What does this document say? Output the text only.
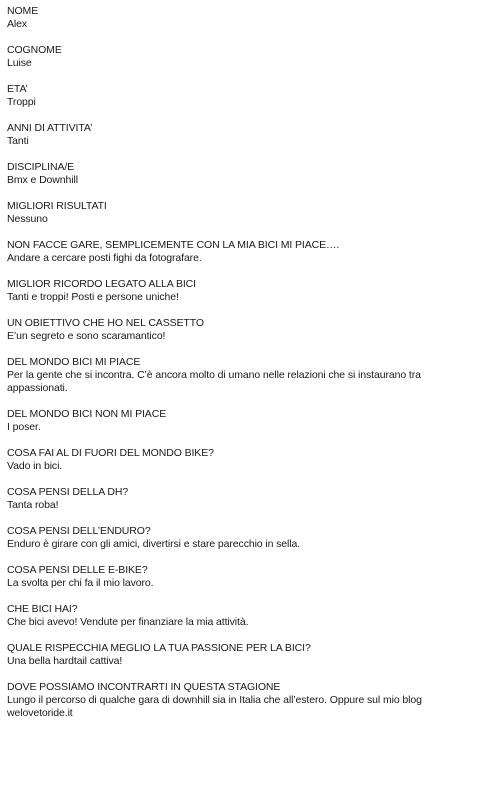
NOME
Alex
COGNOME
Luise
ETA’
Troppi
ANNI DI ATTIVITA’
Tanti
DISCIPLINA/E
Bmx e Downhill
MIGLIORI RISULTATI
Nessuno
NON FACCE GARE, SEMPLICEMENTE CON LA MIA BICI MI PIACE….
Andare a cercare posti fighi da fotografare.
MIGLIOR RICORDO LEGATO ALLA BICI
Tanti e troppi! Posti e persone uniche!
UN OBIETTIVO CHE HO NEL CASSETTO
E’un segreto e sono scaramantico!
DEL MONDO BICI MI PIACE
Per la gente che si incontra. C’è ancora molto di umano nelle relazioni che si instaurano tra appassionati.
DEL MONDO BICI NON MI PIACE
I poser.
COSA FAI AL DI FUORI DEL MONDO BIKE?
Vado in bici.
COSA PENSI DELLA DH?
Tanta roba!
COSA PENSI DELL’ENDURO?
Enduro è girare con gli amici, divertirsi e stare parecchio in sella.
COSA PENSI DELLE E-BIKE?
La svolta per chi fa il mio lavoro.
CHE BICI HAI?
Che bici avevo! Vendute per finanziare la mia attività.
QUALE RISPECCHIA MEGLIO LA TUA PASSIONE PER LA BICI?
Una bella hardtail cattiva!
DOVE POSSIAMO INCONTRARTI IN QUESTA STAGIONE
Lungo il percorso di qualche gara di downhill sia in Italia che all’estero. Oppure sul mio blog welovetoride.it
